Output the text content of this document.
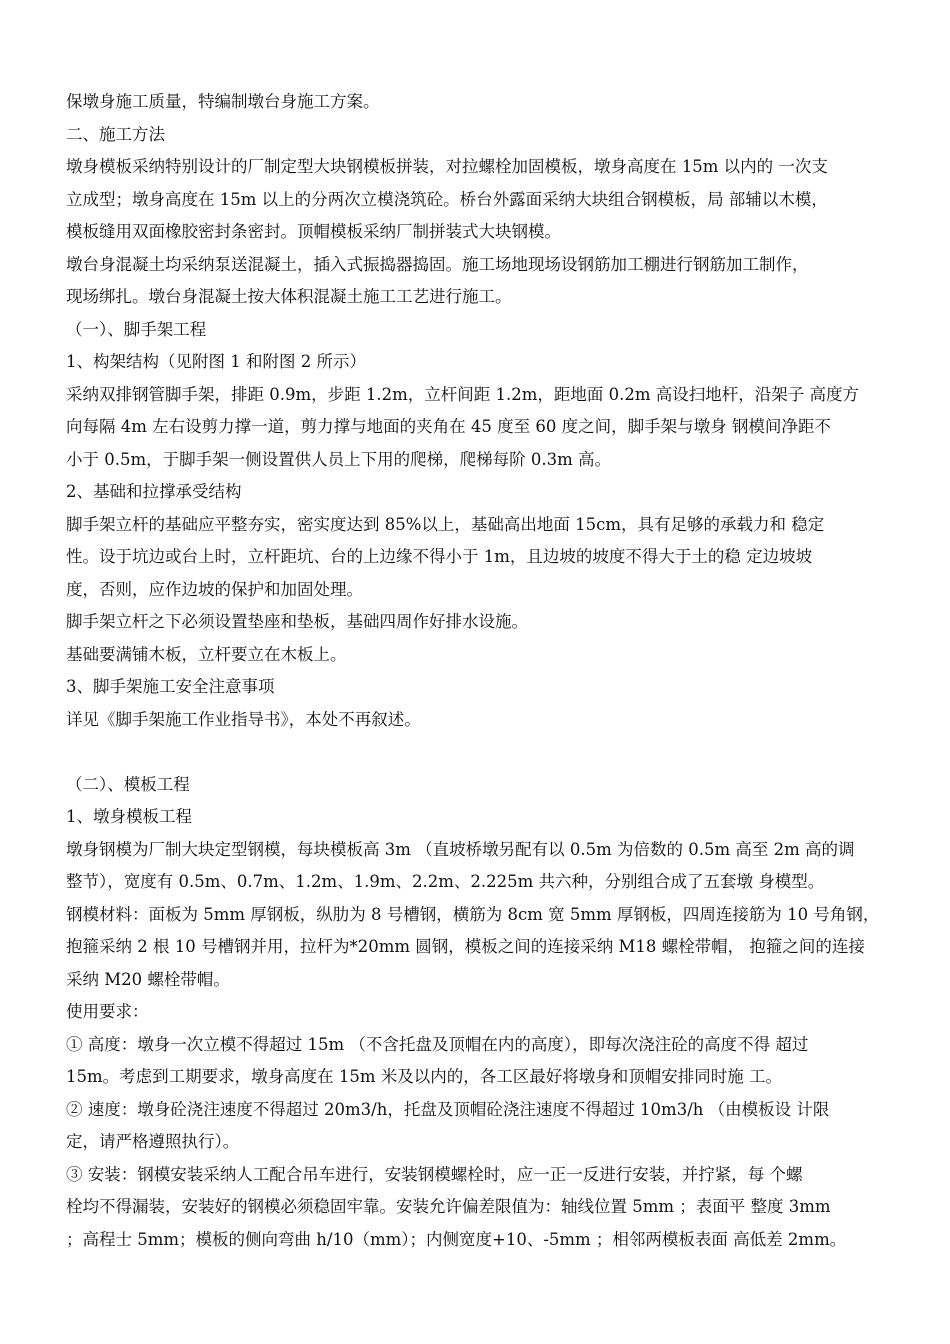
保墩身施工质量，特编制墩台身施工方案。

二、施工方法

墩身模板采纳特别设计的厂制定型大块钢模板拼装，对拉螺栓加固模板，墩身高度在 15m 以内的 一次支

立成型；墩身高度在 15m 以上的分两次立模浇筑砼。桥台外露面采纳大块组合钢模板，局 部辅以木模，

模板缝用双面橡胶密封条密封。顶帽模板采纳厂制拼装式大块钢模。

墩台身混凝土均采纳泵送混凝土，插入式振捣器捣固。施工场地现场设钢筋加工棚进行钢筋加工制作，

现场绑扎。墩台身混凝土按大体积混凝土施工工艺进行施工。

（一）、脚手架工程

1、构架结构（见附图 1 和附图 2 所示）

采纳双排钢管脚手架，排距 0.9m，步距 1.2m，立杆间距 1.2m，距地面 0.2m 高设扫地杆，沿架子 高度方

向每隔 4m 左右设剪力撑一道，剪力撑与地面的夹角在 45 度至 60 度之间，脚手架与墩身 钢模间净距不

小于 0.5m，于脚手架一侧设置供人员上下用的爬梯，爬梯每阶 0.3m 高。

2、基础和拉撑承受结构

脚手架立杆的基础应平整夯实，密实度达到 85%以上，基础高出地面 15cm，具有足够的承载力和 稳定

性。设于坑边或台上时，立杆距坑、台的上边缘不得小于 1m，且边坡的坡度不得大于土的稳 定边坡坡

度，否则，应作边坡的保护和加固处理。

脚手架立杆之下必须设置垫座和垫板，基础四周作好排水设施。

基础要满铺木板，立杆要立在木板上。

3、脚手架施工安全注意事项

详见《脚手架施工作业指导书》，本处不再叙述。

（二）、模板工程

1、墩身模板工程

墩身钢模为厂制大块定型钢模，每块模板高 3m （直坡桥墩另配有以 0.5m 为倍数的 0.5m 高至 2m 高的调

整节），宽度有 0.5m、0.7m、1.2m、1.9m、2.2m、2.225m 共六种，分别组合成了五套墩 身模型。

钢模材料：面板为 5mm 厚钢板，纵肋为 8 号槽钢，横筋为 8cm 宽 5mm 厚钢板，四周连接筋为 10 号角钢，

抱箍采纳 2 根 10 号槽钢并用，拉杆为*20mm 圆钢，模板之间的连接采纳 M18 螺栓带帽， 抱箍之间的连接

采纳 M20 螺栓带帽。

使用要求：

① 高度：墩身一次立模不得超过 15m （不含托盘及顶帽在内的高度），即每次浇注砼的高度不得 超过

15m。考虑到工期要求，墩身高度在 15m 米及以内的，各工区最好将墩身和顶帽安排同时施 工。

② 速度：墩身砼浇注速度不得超过 20m3/h，托盘及顶帽砼浇注速度不得超过 10m3/h （由模板设 计限

定，请严格遵照执行）。

③ 安装：钢模安装采纳人工配合吊车进行，安装钢模螺栓时，应一正一反进行安装，并拧紧，每 个螺

栓均不得漏装，安装好的钢模必须稳固牢靠。安装允许偏差限值为：轴线位置 5mm ；表面平 整度 3mm

；高程士 5mm；模板的侧向弯曲 h/10（mm）；内侧宽度+10、-5mm ；相邻两模板表面 高低差 2mm。
